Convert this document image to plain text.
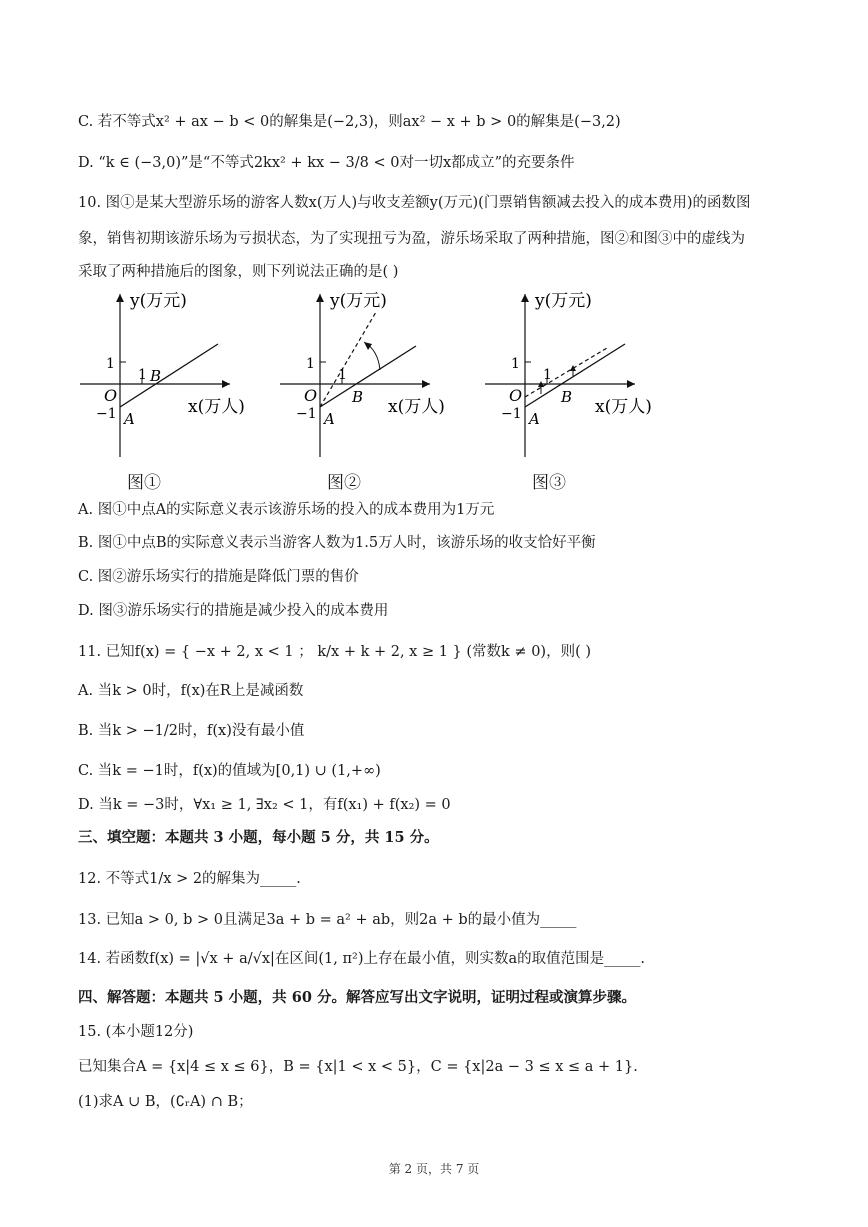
C. 若不等式x² + ax − b < 0的解集是(−2,3)，则ax² − x + b > 0的解集是(−3,2)
D. “k ∈ (−3,0)”是“不等式2kx² + kx − 3/8 < 0对一切x都成立”的充要条件
10. 图①是某大型游乐场的游客人数x(万人)与收支差额y(万元)(门票销售额减去投入的成本费用)的函数图
象，销售初期该游乐场为亏损状态，为了实现扭亏为盈，游乐场采取了两种措施，图②和图③中的虚线为
采取了两种措施后的图象，则下列说法正确的是( )
y(万元)
x(万人)
O
1
1
−1 A
B
图①
y(万元)
x(万人)
O
1
1
−1 A
B
图②
y(万元)
x(万人)
O
1
1
−1 A
B
图③
A. 图①中点A的实际意义表示该游乐场的投入的成本费用为1万元
B. 图①中点B的实际意义表示当游客人数为1.5万人时，该游乐场的收支恰好平衡
C. 图②游乐场实行的措施是降低门票的售价
D. 图③游乐场实行的措施是减少投入的成本费用
11. 已知f(x) = { −x + 2, x < 1 ； k/x + k + 2, x ≥ 1 } (常数k ≠ 0)，则( )
A. 当k > 0时，f(x)在R上是减函数
B. 当k > −1/2时，f(x)没有最小值
C. 当k = −1时，f(x)的值域为[0,1) ∪ (1,+∞)
三、填空题：本题共 3 小题，每小题 5 分，共 15 分。
D. 当k = −3时，∀x₁ ≥ 1, ∃x₂ < 1，有f(x₁) + f(x₂) = 0
12. 不等式1/x > 2的解集为_____.
13. 已知a > 0, b > 0且满足3a + b = a² + ab，则2a + b的最小值为_____
14. 若函数f(x) = |√x + a/√x|在区间(1, π²)上存在最小值，则实数a的取值范围是_____.
四、解答题：本题共 5 小题，共 60 分。解答应写出文字说明，证明过程或演算步骤。
15. (本小题12分)
已知集合A = {x|4 ≤ x ≤ 6}，B = {x|1 < x < 5}，C = {x|2a − 3 ≤ x ≤ a + 1}.
(1)求A ∪ B，(∁ᵣA) ∩ B；
第 2 页，共 7 页
